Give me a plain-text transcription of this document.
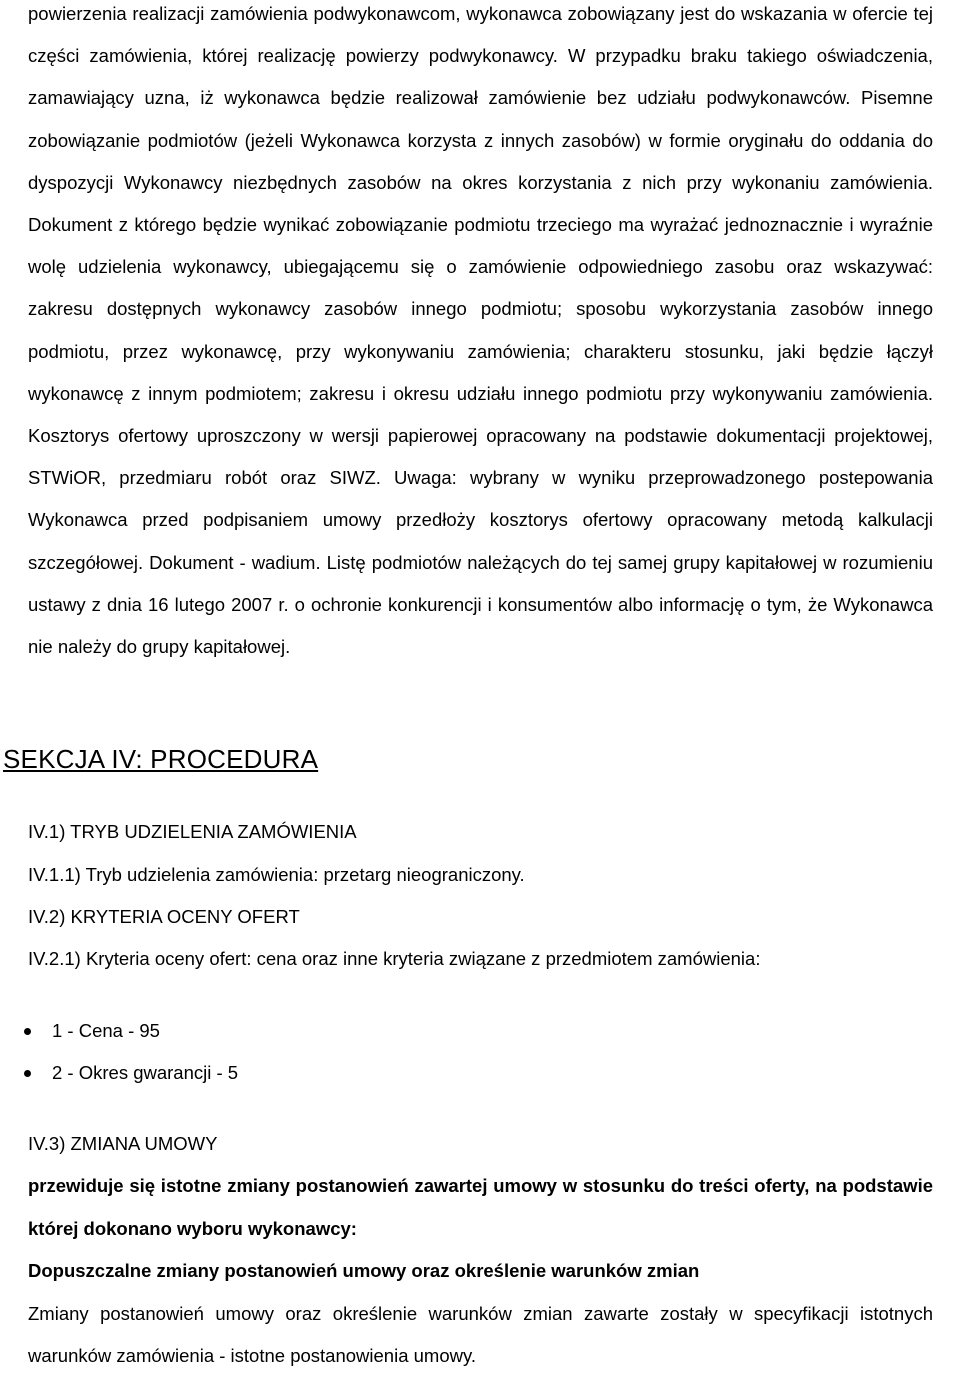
powierzenia realizacji zamówienia podwykonawcom, wykonawca zobowiązany jest do wskazania w ofercie tej części zamówienia, której realizację powierzy podwykonawcy. W przypadku braku takiego oświadczenia, zamawiający uzna, iż wykonawca będzie realizował zamówienie bez udziału podwykonawców. Pisemne zobowiązanie podmiotów (jeżeli Wykonawca korzysta z innych zasobów) w formie oryginału do oddania do dyspozycji Wykonawcy niezbędnych zasobów na okres korzystania z nich przy wykonaniu zamówienia. Dokument z którego będzie wynikać zobowiązanie podmiotu trzeciego ma wyrażać jednoznacznie i wyraźnie wolę udzielenia wykonawcy, ubiegającemu się o zamówienie odpowiedniego zasobu oraz wskazywać: zakresu dostępnych wykonawcy zasobów innego podmiotu; sposobu wykorzystania zasobów innego podmiotu, przez wykonawcę, przy wykonywaniu zamówienia; charakteru stosunku, jaki będzie łączył wykonawcę z innym podmiotem; zakresu i okresu udziału innego podmiotu przy wykonywaniu zamówienia. Kosztorys ofertowy uproszczony w wersji papierowej opracowany na podstawie dokumentacji projektowej, STWiOR, przedmiaru robót oraz SIWZ. Uwaga: wybrany w wyniku przeprowadzonego postepowania Wykonawca przed podpisaniem umowy przedłoży kosztorys ofertowy opracowany metodą kalkulacji szczegółowej. Dokument - wadium. Listę podmiotów należących do tej samej grupy kapitałowej w rozumieniu ustawy z dnia 16 lutego 2007 r. o ochronie konkurencji i konsumentów albo informację o tym, że Wykonawca nie należy do grupy kapitałowej.

SEKCJA IV: PROCEDURA
IV.1) TRYB UDZIELENIA ZAMÓWIENIA
IV.1.1) Tryb udzielenia zamówienia: przetarg nieograniczony.
IV.2) KRYTERIA OCENY OFERT
IV.2.1) Kryteria oceny ofert: cena oraz inne kryteria związane z przedmiotem zamówienia:
1 - Cena - 95
2 - Okres gwarancji - 5
IV.3) ZMIANA UMOWY

przewiduje się istotne zmiany postanowień zawartej umowy w stosunku do treści oferty, na podstawie której dokonano wyboru wykonawcy:

Dopuszczalne zmiany postanowień umowy oraz określenie warunków zmian

Zmiany postanowień umowy oraz określenie warunków zmian zawarte zostały w specyfikacji istotnych warunków zamówienia - istotne postanowienia umowy.
